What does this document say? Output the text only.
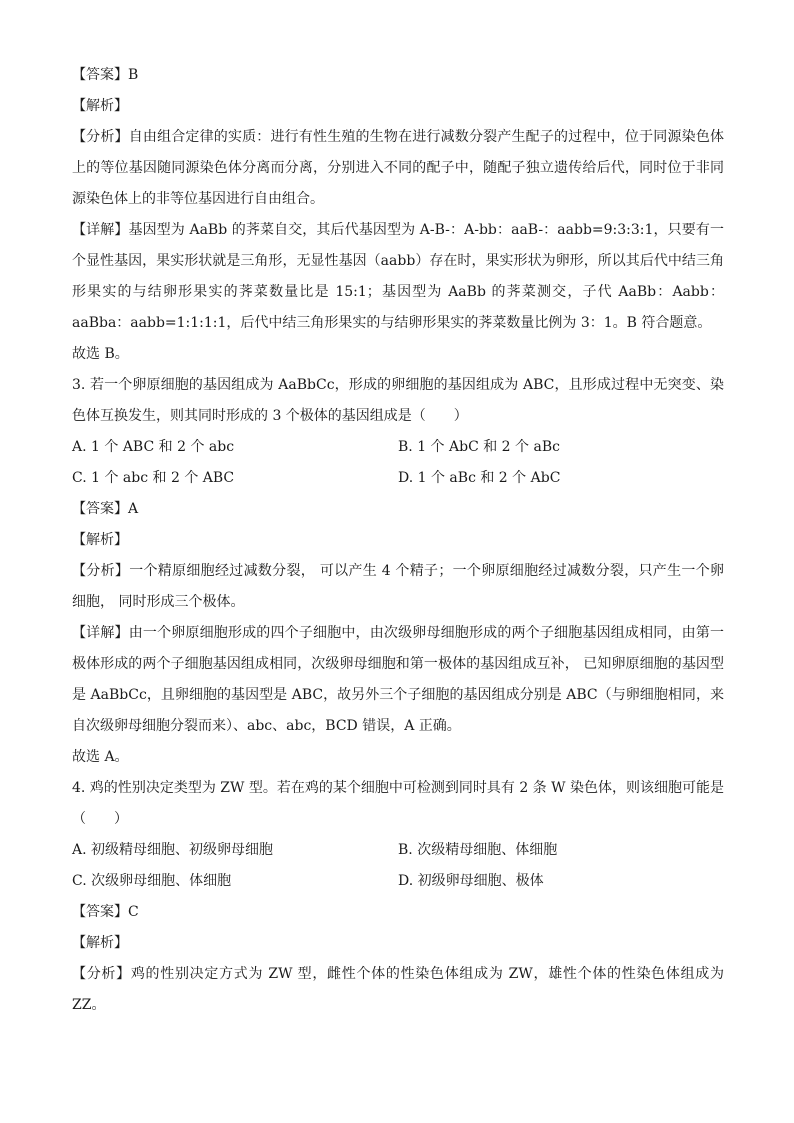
【答案】B

【解析】

【分析】自由组合定律的实质：进行有性生殖的生物在进行减数分裂产生配子的过程中，位于同源染色体上的等位基因随同源染色体分离而分离，分别进入不同的配子中，随配子独立遗传给后代，同时位于非同源染色体上的非等位基因进行自由组合。

【详解】基因型为 AaBb 的荠菜自交，其后代基因型为 A-B-：A-bb：aaB-：aabb=9:3:3:1，只要有一个显性基因，果实形状就是三角形，无显性基因（aabb）存在时，果实形状为卵形，所以其后代中结三角形果实的与结卵形果实的荠菜数量比是 15:1；基因型为 AaBb 的荠菜测交，子代 AaBb：Aabb：aaBba：aabb=1:1:1:1，后代中结三角形果实的与结卵形果实的荠菜数量比例为 3：1。B 符合题意。

故选 B。

3. 若一个卵原细胞的基因组成为 AaBbCc，形成的卵细胞的基因组成为 ABC，且形成过程中无突变、染色体互换发生，则其同时形成的 3 个极体的基因组成是（　　）

A. 1 个 ABC 和 2 个 abc	B. 1 个 AbC 和 2 个 aBc
C. 1 个 abc 和 2 个 ABC	D. 1 个 aBc 和 2 个 AbC

【答案】A

【解析】

【分析】一个精原细胞经过减数分裂， 可以产生 4 个精子；一个卵原细胞经过减数分裂，只产生一个卵细胞， 同时形成三个极体。

【详解】由一个卵原细胞形成的四个子细胞中，由次级卵母细胞形成的两个子细胞基因组成相同，由第一极体形成的两个子细胞基因组成相同，次级卵母细胞和第一极体的基因组成互补， 已知卵原细胞的基因型是 AaBbCc，且卵细胞的基因型是 ABC，故另外三个子细胞的基因组成分别是 ABC（与卵细胞相同，来自次级卵母细胞分裂而来）、abc、abc，BCD 错误，A 正确。

故选 A。

4. 鸡的性别决定类型为 ZW 型。若在鸡的某个细胞中可检测到同时具有 2 条 W 染色体，则该细胞可能是（　　）

A. 初级精母细胞、初级卵母细胞	B. 次级精母细胞、体细胞
C. 次级卵母细胞、体细胞	D. 初级卵母细胞、极体

【答案】C

【解析】

【分析】鸡的性别决定方式为 ZW 型，雌性个体的性染色体组成为 ZW，雄性个体的性染色体组成为 ZZ。
